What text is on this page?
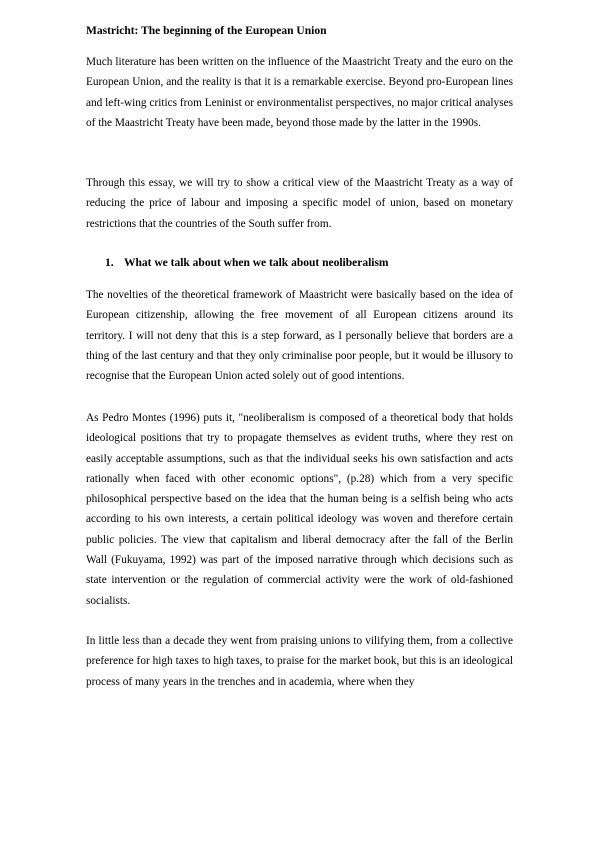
Mastricht: The beginning of the European Union

Much literature has been written on the influence of the Maastricht Treaty and the euro on the European Union, and the reality is that it is a remarkable exercise. Beyond pro-European lines and left-wing critics from Leninist or environmentalist perspectives, no major critical analyses of the Maastricht Treaty have been made, beyond those made by the latter in the 1990s.

Through this essay, we will try to show a critical view of the Maastricht Treaty as a way of reducing the price of labour and imposing a specific model of union, based on monetary restrictions that the countries of the South suffer from.

1. What we talk about when we talk about neoliberalism

The novelties of the theoretical framework of Maastricht were basically based on the idea of European citizenship, allowing the free movement of all European citizens around its territory. I will not deny that this is a step forward, as I personally believe that borders are a thing of the last century and that they only criminalise poor people, but it would be illusory to recognise that the European Union acted solely out of good intentions.

As Pedro Montes (1996) puts it, "neoliberalism is composed of a theoretical body that holds ideological positions that try to propagate themselves as evident truths, where they rest on easily acceptable assumptions, such as that the individual seeks his own satisfaction and acts rationally when faced with other economic options", (p.28) which from a very specific philosophical perspective based on the idea that the human being is a selfish being who acts according to his own interests, a certain political ideology was woven and therefore certain public policies. The view that capitalism and liberal democracy after the fall of the Berlin Wall (Fukuyama, 1992) was part of the imposed narrative through which decisions such as state intervention or the regulation of commercial activity were the work of old-fashioned socialists.

In little less than a decade they went from praising unions to vilifying them, from a collective preference for high taxes to high taxes, to praise for the market book, but this is an ideological process of many years in the trenches and in academia, where when they
